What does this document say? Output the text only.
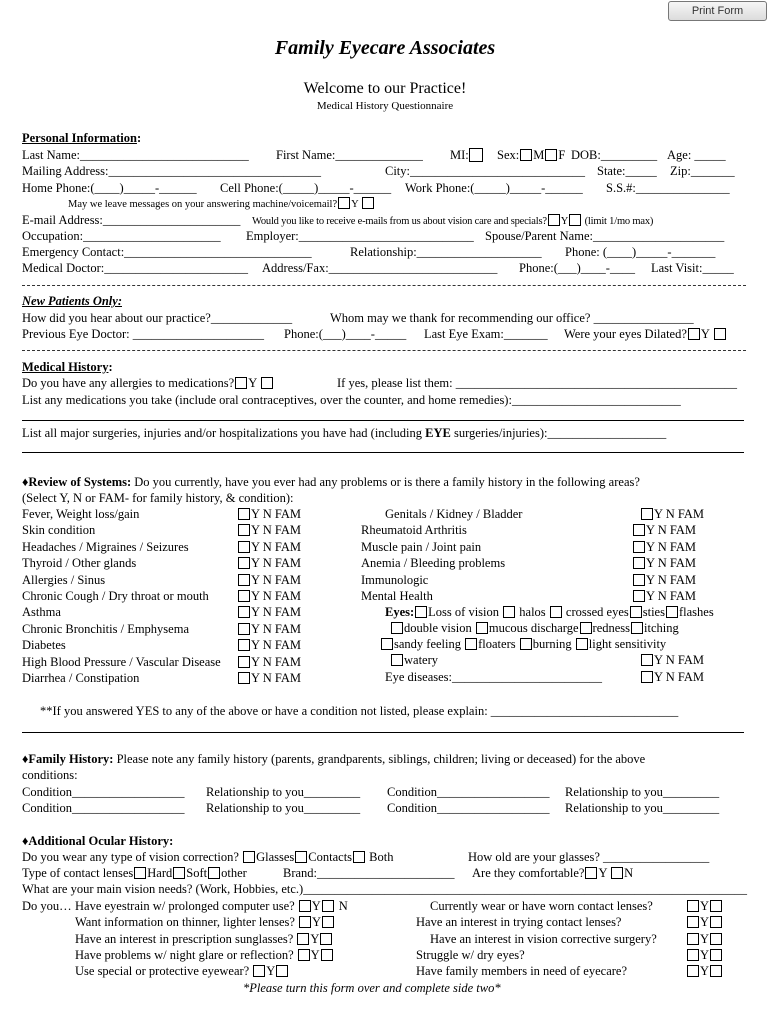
Print Form
Family Eyecare Associates
Welcome to our Practice!
Medical History Questionnaire
Personal Information:
Last Name:___________________________ First Name:______________ MI:	Sex: M F DOB:_________ Age: _____
Mailing Address:__________________________________	City:____________________________ State:_____ Zip:_______
Home Phone:(____)_____-______ Cell Phone:(_____)_____-______ Work Phone:(_____)_____-______ S.S.#:_______________
May we leave messages on your answering machine/voicemail? Y
E-mail Address:______________________ Would you like to receive e-mails from us about vision care and specials? Y (limit 1/mo max)
Occupation:______________________ Employer:____________________________ Spouse/Parent Name:_____________________
Emergency Contact:______________________________	Relationship:____________________ Phone: (____)_____-_______
Medical Doctor:_______________________ Address/Fax:___________________________ Phone:(___)____-____ Last Visit:_____
New Patients Only:
How did you hear about our practice?_____________	Whom may we thank for recommending our office? ________________
Previous Eye Doctor: _____________________ Phone:(___)____-_____ Last Eye Exam:_______ Were your eyes Dilated? Y
Medical History:
Do you have any allergies to medications? Y	If yes, please list them: _____________________________________________
List any medications you take (include oral contraceptives, over the counter, and home remedies):___________________________
List all major surgeries, injuries and/or hospitalizations you have had (including EYE surgeries/injuries):___________________
♦Review of Systems: Do you currently, have you ever had any problems or is there a family history in the following areas?
(Select Y, N or FAM- for family history, & condition):
Fever, Weight loss/gain	Y N FAM
Skin condition	Y N FAM
Headaches / Migraines / Seizures	Y N FAM
Thyroid / Other glands	Y N FAM
Allergies / Sinus	Y N FAM
Chronic Cough / Dry throat or mouth	Y N FAM
Asthma	Y N FAM
Chronic Bronchitis / Emphysema	Y N FAM
Diabetes	Y N FAM
High Blood Pressure / Vascular Disease	Y N FAM
Diarrhea / Constipation	Y N FAM
Genitals / Kidney / Bladder	Y N FAM
Rheumatoid Arthritis	Y N FAM
Muscle pain / Joint pain	Y N FAM
Anemia / Bleeding problems	Y N FAM
Immunologic	Y N FAM
Mental Health	Y N FAM
Eyes: Loss of vision halos crossed eyes sties flashes
double vision mucous discharge redness itching
sandy feeling floaters burning light sensitivity
watery	Y N FAM
Eye diseases:________________________	Y N FAM
**If you answered YES to any of the above or have a condition not listed, please explain: ______________________________
♦Family History: Please note any family history (parents, grandparents, siblings, children; living or deceased) for the above
conditions:
Condition__________________ Relationship to you_________ Condition__________________ Relationship to you_________
Condition__________________ Relationship to you_________ Condition__________________ Relationship to you_________
♦Additional Ocular History:
Do you wear any type of vision correction? Glasses Contacts Both	How old are your glasses? _________________
Type of contact lenses Hard Soft other	Brand:______________________ Are they comfortable? Y N
What are your main vision needs? (Work, Hobbies, etc.)_______________________________________________________________________
Do you… Have eyestrain w/ prolonged computer use? Y N
Want information on thinner, lighter lenses? Y
Have an interest in prescription sunglasses? Y
Have problems w/ night glare or reflection? Y
Use special or protective eyewear? Y
Currently wear or have worn contact lenses?	Y
Have an interest in trying contact lenses?	Y
Have an interest in vision corrective surgery?	Y
Struggle w/ dry eyes?	Y
Have family members in need of eyecare?	Y
*Please turn this form over and complete side two*
